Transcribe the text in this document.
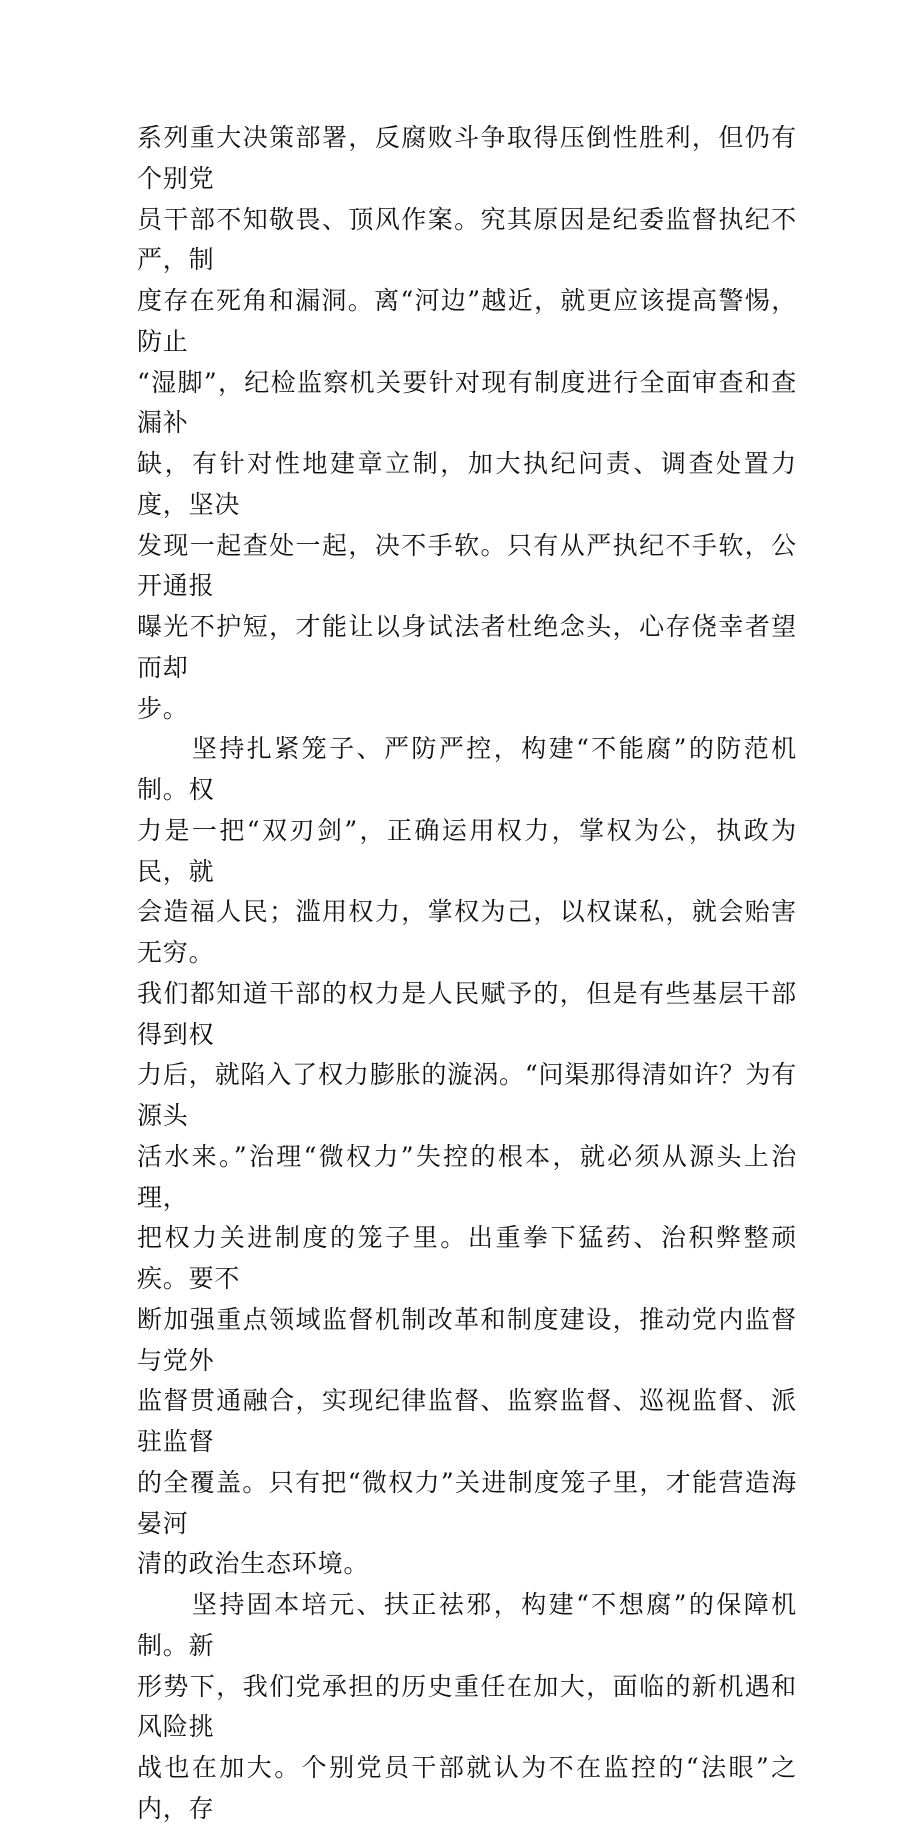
系列重大决策部署，反腐败斗争取得压倒性胜利，但仍有个别党
员干部不知敬畏、顶风作案。究其原因是纪委监督执纪不严，制
度存在死角和漏洞。离“河边”越近，就更应该提高警惕，防止
“湿脚”，纪检监察机关要针对现有制度进行全面审查和查漏补
缺，有针对性地建章立制，加大执纪问责、调查处置力度，坚决
发现一起查处一起，决不手软。只有从严执纪不手软，公开通报
曝光不护短，才能让以身试法者杜绝念头，心存侥幸者望而却
步。

　　坚持扎紧笼子、严防严控，构建“不能腐”的防范机制。权
力是一把“双刃剑”，正确运用权力，掌权为公，执政为民，就
会造福人民；滥用权力，掌权为己，以权谋私，就会贻害无穷。
我们都知道干部的权力是人民赋予的，但是有些基层干部得到权
力后，就陷入了权力膨胀的漩涡。“问渠那得清如许？为有源头
活水来。”治理“微权力”失控的根本，就必须从源头上治理，
把权力关进制度的笼子里。出重拳下猛药、治积弊整顽疾。要不
断加强重点领域监督机制改革和制度建设，推动党内监督与党外
监督贯通融合，实现纪律监督、监察监督、巡视监督、派驻监督
的全覆盖。只有把“微权力”关进制度笼子里，才能营造海晏河
清的政治生态环境。

　　坚持固本培元、扶正祛邪，构建“不想腐”的保障机制。新
形势下，我们党承担的历史重任在加大，面临的新机遇和风险挑
战也在加大。个别党员干部就认为不在监控的“法眼”之内，存
